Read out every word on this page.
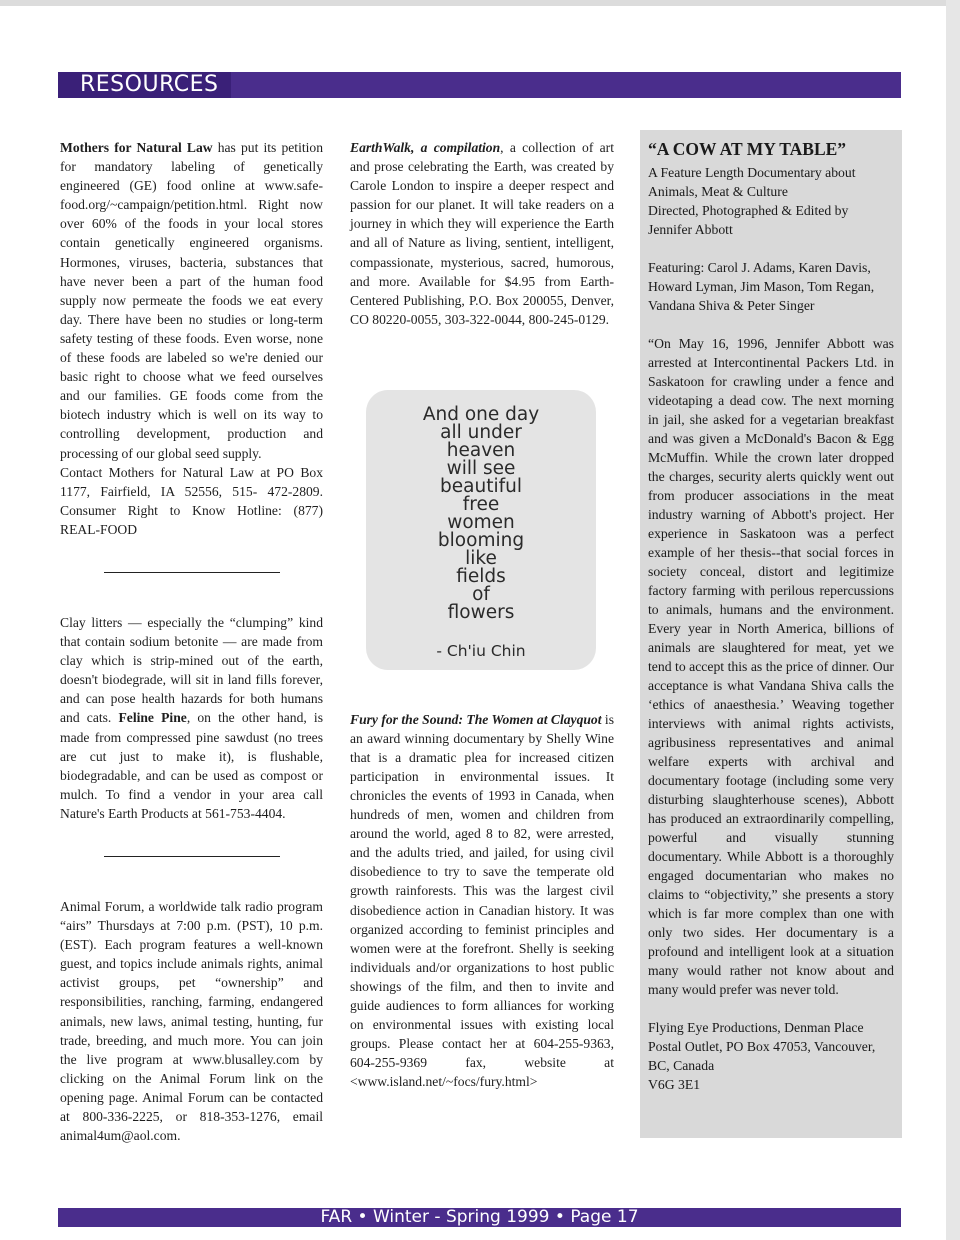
RESOURCES

Mothers for Natural Law has put its petition for mandatory labeling of genetically engineered (GE) food online at www.safe-food.org/~campaign/petition.html. Right now over 60% of the foods in your local stores contain genetically engineered organisms. Hormones, viruses, bacteria, substances that have never been a part of the human food supply now permeate the foods we eat every day. There have been no studies or long-term safety testing of these foods. Even worse, none of these foods are labeled so we're denied our basic right to choose what we feed ourselves and our families. GE foods come from the biotech industry which is well on its way to controlling development, production and processing of our global seed supply.

Contact Mothers for Natural Law at PO Box 1177, Fairfield, IA 52556, 515- 472-2809. Consumer Right to Know Hotline: (877) REAL-FOOD

Clay litters — especially the “clumping” kind that contain sodium betonite — are made from clay which is strip-mined out of the earth, doesn't biodegrade, will sit in land fills forever, and can pose health hazards for both humans and cats. Feline Pine, on the other hand, is made from compressed pine sawdust (no trees are cut just to make it), is flushable, biodegradable, and can be used as compost or mulch. To find a vendor in your area call Nature's Earth Products at 561-753-4404.

Animal Forum, a worldwide talk radio program “airs” Thursdays at 7:00 p.m. (PST), 10 p.m. (EST). Each program features a well-known guest, and topics include animals rights, animal activist groups, pet “ownership” and responsibilities, ranching, farming, endangered animals, new laws, animal testing, hunting, fur trade, breeding, and much more. You can join the live program at www.blusalley.com by clicking on the Animal Forum link on the opening page. Animal Forum can be contacted at 800-336-2225, or 818-353-1276, email animal4um@aol.com.

EarthWalk, a compilation, a collection of art and prose celebrating the Earth, was created by Carole London to inspire a deeper respect and passion for our planet. It will take readers on a journey in which they will experience the Earth and all of Nature as living, sentient, intelligent, compassionate, mysterious, sacred, humorous, and more. Available for $4.95 from Earth-Centered Publishing, P.O. Box 200055, Denver, CO 80220-0055, 303-322-0044, 800-245-0129.

And one day
all under
heaven
will see
beautiful
free
women
blooming
like
fields
of
flowers
- Ch'iu Chin

Fury for the Sound: The Women at Clayquot is an award winning documentary by Shelly Wine that is a dramatic plea for increased citizen participation in environmental issues. It chronicles the events of 1993 in Canada, when hundreds of men, women and children from around the world, aged 8 to 82, were arrested, and the adults tried, and jailed, for using civil disobedience to try to save the temperate old growth rainforests. This was the largest civil disobedience action in Canadian history. It was organized according to feminist principles and women were at the forefront. Shelly is seeking individuals and/or organizations to host public showings of the film, and then to invite and guide audiences to form alliances for working on environmental issues with existing local groups. Please contact her at 604-255-9363, 604-255-9369 fax, website at <www.island.net/~focs/fury.html>

“A COW AT MY TABLE”

A Feature Length Documentary about Animals, Meat & Culture

Directed, Photographed & Edited by Jennifer Abbott

Featuring: Carol J. Adams, Karen Davis, Howard Lyman, Jim Mason, Tom Regan, Vandana Shiva & Peter Singer

“On May 16, 1996, Jennifer Abbott was arrested at Intercontinental Packers Ltd. in Saskatoon for crawling under a fence and videotaping a dead cow. The next morning in jail, she asked for a vegetarian breakfast and was given a McDonald's Bacon & Egg McMuffin. While the crown later dropped the charges, security alerts quickly went out from producer associations in the meat industry warning of Abbott's project. Her experience in Saskatoon was a perfect example of her thesis--that social forces in society conceal, distort and legitimize factory farming with perilous repercussions to animals, humans and the environment. Every year in North America, billions of animals are slaughtered for meat, yet we tend to accept this as the price of dinner. Our acceptance is what Vandana Shiva calls the ‘ethics of anaesthesia.’ Weaving together interviews with animal rights activists, agribusiness representatives and animal welfare experts with archival and documentary footage (including some very disturbing slaughterhouse scenes), Abbott has produced an extraordinarily compelling, powerful and visually stunning documentary. While Abbott is a thoroughly engaged documentarian who makes no claims to “objectivity,” she presents a story which is far more complex than one with only two sides. Her documentary is a profound and intelligent look at a situation many would rather not know about and many would prefer was never told.

Flying Eye Productions, Denman Place Postal Outlet, PO Box 47053, Vancouver, BC, Canada

V6G 3E1

FAR • Winter - Spring 1999 • Page 17
